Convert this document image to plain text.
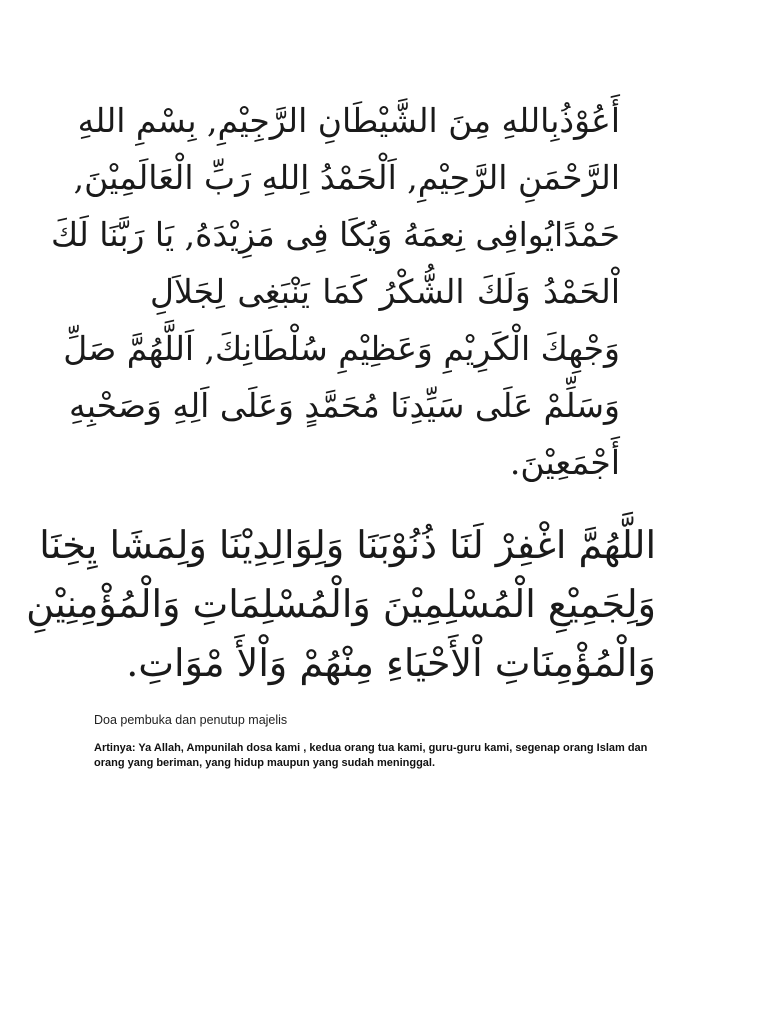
أَعُوْذُبِاللهِ مِنَ الشَّيْطَانِ الرَّجِيْمِ, بِسْمِ اللهِ
الرَّحْمَنِ الرَّحِيْمِ, اَلْحَمْدُ اِللهِ رَبِّ الْعَالَمِيْنَ,
حَمْدًايُوافِى نِعمَهُ وَيُكَا فِى مَزِيْدَهُ, يَا رَبَّنَا لَكَ
اْلحَمْدُ وَلَكَ الشُّكْرُ كَمَا يَنْبَغِى لِجَلاَلِ
وَجْهِكَ الْكَرِيْمِ وَعَظِيْمِ سُلْطَانِكَ, اَللَّهُمَّ صَلِّ
وَسَلِّمْ عَلَى سَيِّدِنَا مُحَمَّدٍ وَعَلَى اَلِهِ وَصَحْبِهِ
أَجْمَعِيْنَ.
اللَّهُمَّ اغْفِرْ لَنَا ذُنُوْبَنَا وَلِوَالِدِيْنَا وَلِمَشَا يِخِنَا
وَلِجَمِيْعِ الْمُسْلِمِيْنَ وَالْمُسْلِمَاتِ وَالْمُؤْمِنِيْنِ
وَالْمُؤْمِنَاتِ اْلأَحْيَاءِ مِنْهُمْ وَاْلأَ مْوَاتِ.

Doa pembuka dan penutup majelis

Artinya: Ya Allah, Ampunilah dosa kami , kedua orang tua kami, guru-guru kami, segenap orang Islam dan orang yang beriman, yang hidup maupun yang sudah meninggal.
